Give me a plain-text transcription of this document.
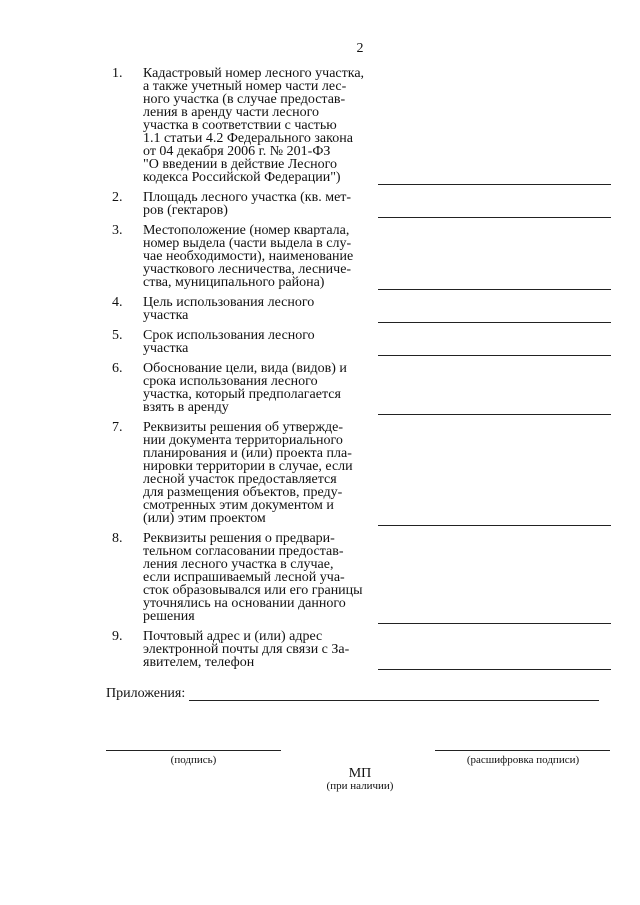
2
1.	Кадастровый номер лесного участка,
а также учетный номер части лес-
ного участка (в случае предостав-
ления в аренду части лесного
участка в соответствии с частью
1.1 статьи 4.2 Федерального закона
от 04 декабря 2006 г. № 201-ФЗ
"О введении в действие Лесного
кодекса Российской Федерации")
2.	Площадь лесного участка (кв. мет-
ров (гектаров)
3.	Местоположение (номер квартала,
номер выдела (части выдела в слу-
чае необходимости), наименование
участкового лесничества, лесниче-
ства, муниципального района)
4.	Цель использования лесного
участка
5.	Срок использования лесного
участка
6.	Обоснование цели, вида (видов) и
срока использования лесного
участка, который предполагается
взять в аренду
7.	Реквизиты решения об утвержде-
нии документа территориального
планирования и (или) проекта пла-
нировки территории в случае, если
лесной участок предоставляется
для размещения объектов, преду-
смотренных этим документом и
(или) этим проектом
8.	Реквизиты решения о предвари-
тельном согласовании предостав-
ления лесного участка в случае,
если испрашиваемый лесной уча-
сток образовывался или его границы
уточнялись на основании данного
решения
9.	Почтовый адрес и (или) адрес
электронной почты для связи с За-
явителем, телефон
Приложения:
(подпись)	(расшифровка подписи)
МП
(при наличии)
